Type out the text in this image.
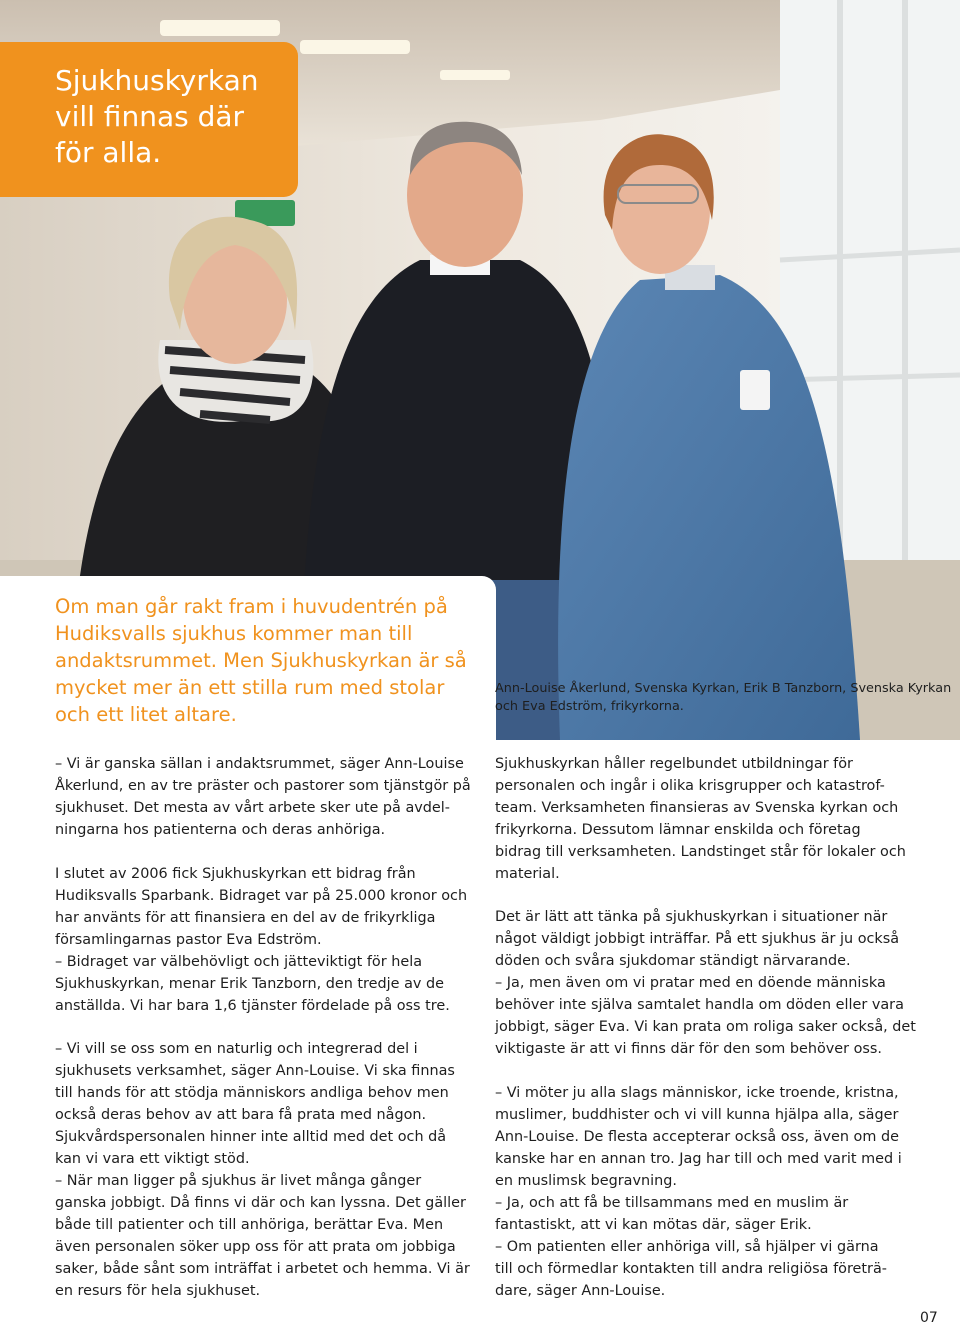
Sjukhuskyrkan
vill finnas där
för alla.
Om man går rakt fram i huvudentrén på
Hudiksvalls sjukhus kommer man till
andaktsrummet. Men Sjukhuskyrkan är så
mycket mer än ett stilla rum med stolar
och ett litet altare.
Ann-Louise Åkerlund, Svenska Kyrkan, Erik B Tanzborn, Svenska Kyrkan
och Eva Edström, frikyrkorna.
– Vi är ganska sällan i andaktsrummet, säger Ann-Louise
Åkerlund, en av tre präster och pastorer som tjänstgör på
sjukhuset. Det mesta av vårt arbete sker ute på avdel-
ningarna hos patienterna och deras anhöriga.
I slutet av 2006 fick Sjukhuskyrkan ett bidrag från
Hudiksvalls Sparbank. Bidraget var på 25.000 kronor och
har använts för att finansiera en del av de frikyrkliga
församlingarnas pastor Eva Edström.
– Bidraget var välbehövligt och jätteviktigt för hela
Sjukhuskyrkan, menar Erik Tanzborn, den tredje av de
anställda. Vi har bara 1,6 tjänster fördelade på oss tre.
– Vi vill se oss som en naturlig och integrerad del i
sjukhusets verksamhet, säger Ann-Louise. Vi ska finnas
till hands för att stödja människors andliga behov men
också deras behov av att bara få prata med någon.
Sjukvårdspersonalen hinner inte alltid med det och då
kan vi vara ett viktigt stöd.
– När man ligger på sjukhus är livet många gånger
ganska jobbigt. Då finns vi där och kan lyssna. Det gäller
både till patienter och till anhöriga, berättar Eva. Men
även personalen söker upp oss för att prata om jobbiga
saker, både sånt som inträffat i arbetet och hemma. Vi är
en resurs för hela sjukhuset.
Sjukhuskyrkan håller regelbundet utbildningar för
personalen och ingår i olika krisgrupper och katastrof-
team. Verksamheten finansieras av Svenska kyrkan och
frikyrkorna. Dessutom lämnar enskilda och företag
bidrag till verksamheten. Landstinget står för lokaler och
material.
Det är lätt att tänka på sjukhuskyrkan i situationer när
något väldigt jobbigt inträffar. På ett sjukhus är ju också
döden och svåra sjukdomar ständigt närvarande.
– Ja, men även om vi pratar med en döende människa
behöver inte själva samtalet handla om döden eller vara
jobbigt, säger Eva. Vi kan prata om roliga saker också, det
viktigaste är att vi finns där för den som behöver oss.
– Vi möter ju alla slags människor, icke troende, kristna,
muslimer, buddhister och vi vill kunna hjälpa alla, säger
Ann-Louise. De flesta accepterar också oss, även om de
kanske har en annan tro. Jag har till och med varit med i
en muslimsk begravning.
– Ja, och att få be tillsammans med en muslim är
fantastiskt, att vi kan mötas där, säger Erik.
– Om patienten eller anhöriga vill, så hjälper vi gärna
till och förmedlar kontakten till andra religiösa företrä-
dare, säger Ann-Louise.
07
